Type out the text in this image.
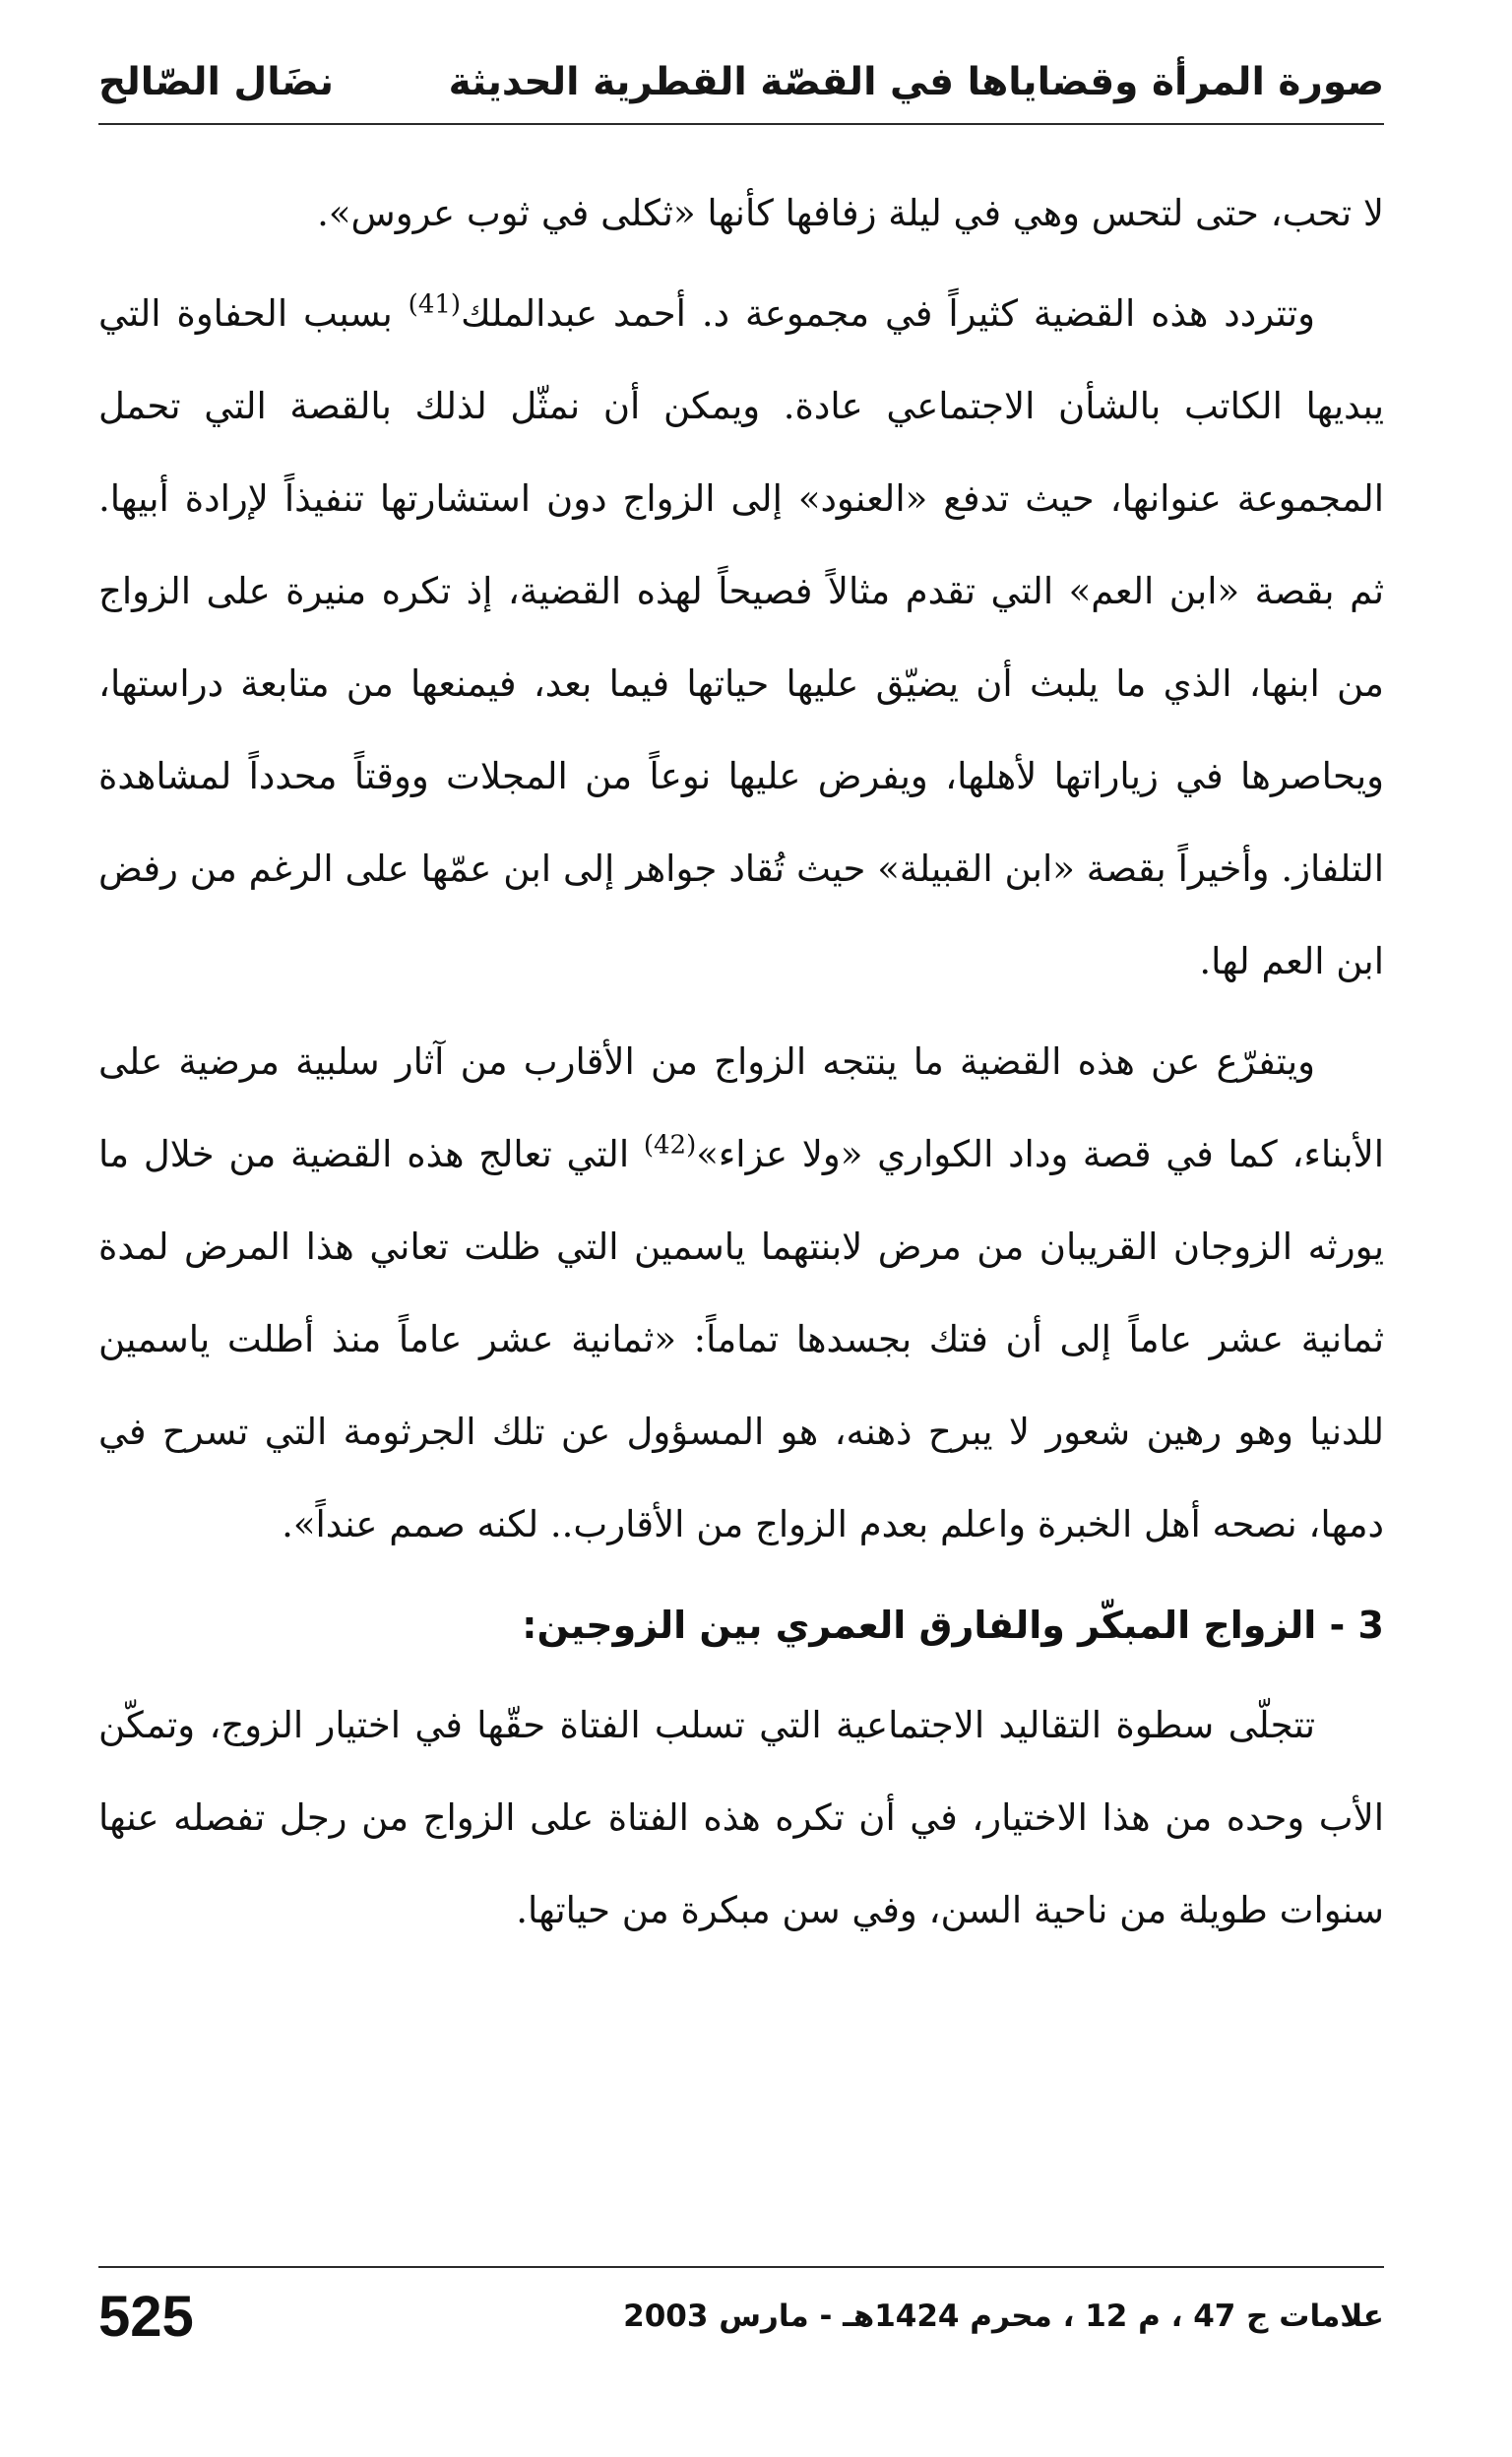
صورة المرأة وقضاياها في القصّة القطرية الحديثة
نضَال الصّالح

لا تحب، حتى لتحس وهي في ليلة زفافها كأنها «ثكلى في ثوب عروس».

وتتردد هذه القضية كثيراً في مجموعة د. أحمد عبدالملك$^{(41)}$ بسبب الحفاوة التي يبديها الكاتب بالشأن الاجتماعي عادة. ويمكن أن نمثّل لذلك بالقصة التي تحمل المجموعة عنوانها، حيث تدفع «العنود» إلى الزواج دون استشارتها تنفيذاً لإرادة أبيها. ثم بقصة «ابن العم» التي تقدم مثالاً فصيحاً لهذه القضية، إذ تكره منيرة على الزواج من ابنها، الذي ما يلبث أن يضيّق عليها حياتها فيما بعد، فيمنعها من متابعة دراستها، ويحاصرها في زياراتها لأهلها، ويفرض عليها نوعاً من المجلات ووقتاً محدداً لمشاهدة التلفاز. وأخيراً بقصة «ابن القبيلة» حيث تُقاد جواهر إلى ابن عمّها على الرغم من رفض ابن العم لها.

ويتفرّع عن هذه القضية ما ينتجه الزواج من الأقارب من آثار سلبية مرضية على الأبناء، كما في قصة وداد الكواري «ولا عزاء»$^{(42)}$ التي تعالج هذه القضية من خلال ما يورثه الزوجان القريبان من مرض لابنتهما ياسمين التي ظلت تعاني هذا المرض لمدة ثمانية عشر عاماً إلى أن فتك بجسدها تماماً: «ثمانية عشر عاماً منذ أطلت ياسمين للدنيا وهو رهين شعور لا يبرح ذهنه، هو المسؤول عن تلك الجرثومة التي تسرح في دمها، نصحه أهل الخبرة واعلم بعدم الزواج من الأقارب.. لكنه صمم عنداً».

3 - الزواج المبكّر والفارق العمري بين الزوجين:

تتجلّى سطوة التقاليد الاجتماعية التي تسلب الفتاة حقّها في اختيار الزوج، وتمكّن الأب وحده من هذا الاختيار، في أن تكره هذه الفتاة على الزواج من رجل تفصله عنها سنوات طويلة من ناحية السن، وفي سن مبكرة من حياتها.

علامات ج 47 ، م 12 ، محرم 1424هـ - مارس 2003
525
